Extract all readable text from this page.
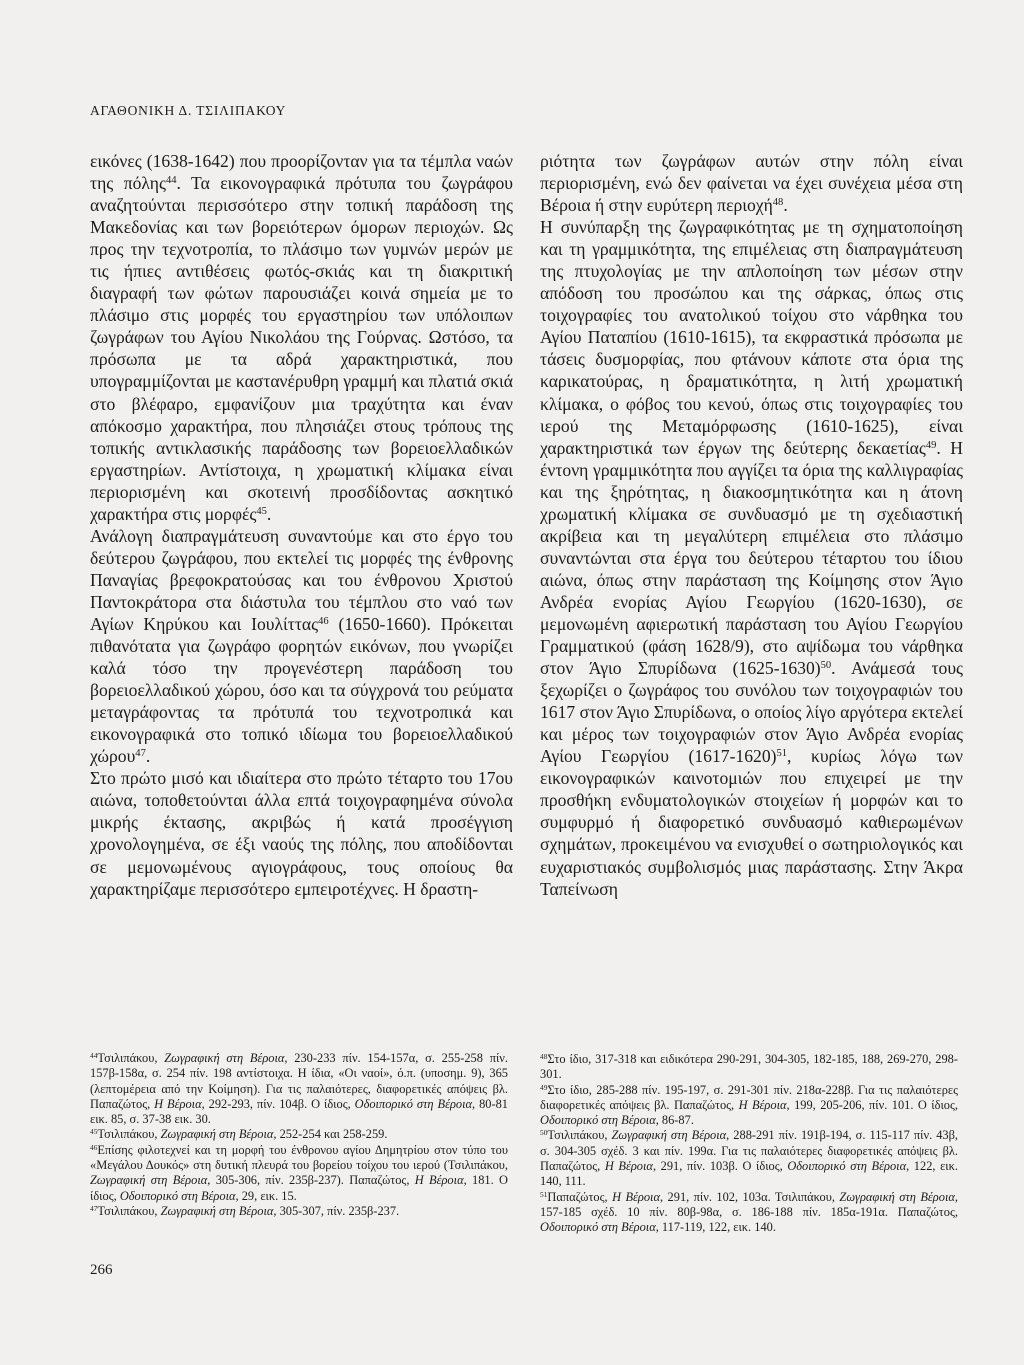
ΑΓΑΘΟΝΙΚΗ Δ. ΤΣΙΛΙΠΑΚΟΥ

εικόνες (1638-1642) που προορίζονταν για τα τέμπλα ναών της πόλης$^{44}$. Τα εικονογραφικά πρότυπα του ζωγράφου αναζητούνται περισσότερο στην τοπική παράδοση της Μακεδονίας και των βορειότερων όμορων περιοχών. Ως προς την τεχνοτροπία, το πλάσιμο των γυμνών μερών με τις ήπιες αντιθέσεις φωτός-σκιάς και τη διακριτική διαγραφή των φώτων παρουσιάζει κοινά σημεία με το πλάσιμο στις μορφές του εργαστηρίου των υπόλοιπων ζωγράφων του Αγίου Νικολάου της Γούρνας. Ωστόσο, τα πρόσωπα με τα αδρά χαρακτηριστικά, που υπογραμμίζονται με καστανέρυθρη γραμμή και πλατιά σκιά στο βλέφαρο, εμφανίζουν μια τραχύτητα και έναν απόκοσμο χαρακτήρα, που πλησιάζει στους τρόπους της τοπικής αντικλασικής παράδοσης των βορειοελλαδικών εργαστηρίων. Αντίστοιχα, η χρωματική κλίμακα είναι περιορισμένη και σκοτεινή προσδίδοντας ασκητικό χαρακτήρα στις μορφές$^{45}$.

Ανάλογη διαπραγμάτευση συναντούμε και στο έργο του δεύτερου ζωγράφου, που εκτελεί τις μορφές της ένθρονης Παναγίας βρεφοκρατούσας και του ένθρονου Χριστού Παντοκράτορα στα διάστυλα του τέμπλου στο ναό των Αγίων Κηρύκου και Ιουλίττας$^{46}$ (1650-1660). Πρόκειται πιθανότατα για ζωγράφο φορητών εικόνων, που γνωρίζει καλά τόσο την προγενέστερη παράδοση του βορειοελλαδικού χώρου, όσο και τα σύγχρονά του ρεύματα μεταγράφοντας τα πρότυπά του τεχνοτροπικά και εικονογραφικά στο τοπικό ιδίωμα του βορειοελλαδικού χώρου$^{47}$.

Στο πρώτο μισό και ιδιαίτερα στο πρώτο τέταρτο του 17ου αιώνα, τοποθετούνται άλλα επτά τοιχογραφημένα σύνολα μικρής έκτασης, ακριβώς ή κατά προσέγγιση χρονολογημένα, σε έξι ναούς της πόλης, που αποδίδονται σε μεμονωμένους αγιογράφους, τους οποίους θα χαρακτηρίζαμε περισσότερο εμπειροτέχνες. Η δραστη-

ριότητα των ζωγράφων αυτών στην πόλη είναι περιορισμένη, ενώ δεν φαίνεται να έχει συνέχεια μέσα στη Βέροια ή στην ευρύτερη περιοχή$^{48}$.

Η συνύπαρξη της ζωγραφικότητας με τη σχηματοποίηση και τη γραμμικότητα, της επιμέλειας στη διαπραγμάτευση της πτυχολογίας με την απλοποίηση των μέσων στην απόδοση του προσώπου και της σάρκας, όπως στις τοιχογραφίες του ανατολικού τοίχου στο νάρθηκα του Αγίου Παταπίου (1610-1615), τα εκφραστικά πρόσωπα με τάσεις δυσμορφίας, που φτάνουν κάποτε στα όρια της καρικατούρας, η δραματικότητα, η λιτή χρωματική κλίμακα, ο φόβος του κενού, όπως στις τοιχογραφίες του ιερού της Μεταμόρφωσης (1610-1625), είναι χαρακτηριστικά των έργων της δεύτερης δεκαετίας$^{49}$. Η έντονη γραμμικότητα που αγγίζει τα όρια της καλλιγραφίας και της ξηρότητας, η διακοσμητικότητα και η άτονη χρωματική κλίμακα σε συνδυασμό με τη σχεδιαστική ακρίβεια και τη μεγαλύτερη επιμέλεια στο πλάσιμο συναντώνται στα έργα του δεύτερου τέταρτου του ίδιου αιώνα, όπως στην παράσταση της Κοίμησης στον Άγιο Ανδρέα ενορίας Αγίου Γεωργίου (1620-1630), σε μεμονωμένη αφιερωτική παράσταση του Αγίου Γεωργίου Γραμματικού (φάση 1628/9), στο αψίδωμα του νάρθηκα στον Άγιο Σπυρίδωνα (1625-1630)$^{50}$. Ανάμεσά τους ξεχωρίζει ο ζωγράφος του συνόλου των τοιχογραφιών του 1617 στον Άγιο Σπυρίδωνα, ο οποίος λίγο αργότερα εκτελεί και μέρος των τοιχογραφιών στον Άγιο Ανδρέα ενορίας Αγίου Γεωργίου (1617-1620)$^{51}$, κυρίως λόγω των εικονογραφικών καινοτομιών που επιχειρεί με την προσθήκη ενδυματολογικών στοιχείων ή μορφών και το συμφυρμό ή διαφορετικό συνδυασμό καθιερωμένων σχημάτων, προκειμένου να ενισχυθεί ο σωτηριολογικός και ευχαριστιακός συμβολισμός μιας παράστασης. Στην Άκρα Ταπείνωση

$^{44}$Τσιλιπάκου, Ζωγραφική στη Βέροια, 230-233 πίν. 154-157α, σ. 255-258 πίν. 157β-158α, σ. 254 πίν. 198 αντίστοιχα. Η ίδια, «Οι ναοί», ό.π. (υποσημ. 9), 365 (λεπτομέρεια από την Κοίμηση). Για τις παλαιότερες, διαφορετικές απόψεις βλ. Παπαζώτος, Η Βέροια, 292-293, πίν. 104β. Ο ίδιος, Οδοιπορικό στη Βέροια, 80-81 εικ. 85, σ. 37-38 εικ. 30.

$^{45}$Τσιλιπάκου, Ζωγραφική στη Βέροια, 252-254 και 258-259.

$^{46}$Επίσης φιλοτεχνεί και τη μορφή του ένθρονου αγίου Δημητρίου στον τύπο του «Μεγάλου Δουκός» στη δυτική πλευρά του βορείου τοίχου του ιερού (Τσιλιπάκου, Ζωγραφική στη Βέροια, 305-306, πίν. 235β-237). Παπαζώτος, Η Βέροια, 181. Ο ίδιος, Οδοιπορικό στη Βέροια, 29, εικ. 15.

$^{47}$Τσιλιπάκου, Ζωγραφική στη Βέροια, 305-307, πίν. 235β-237.

$^{48}$Στο ίδιο, 317-318 και ειδικότερα 290-291, 304-305, 182-185, 188, 269-270, 298-301.

$^{49}$Στο ίδιο, 285-288 πίν. 195-197, σ. 291-301 πίν. 218α-228β. Για τις παλαιότερες διαφορετικές απόψεις βλ. Παπαζώτος, Η Βέροια, 199, 205-206, πίν. 101. Ο ίδιος, Οδοιπορικό στη Βέροια, 86-87.

$^{50}$Τσιλιπάκου, Ζωγραφική στη Βέροια, 288-291 πίν. 191β-194, σ. 115-117 πίν. 43β, σ. 304-305 σχέδ. 3 και πίν. 199α. Για τις παλαιότερες διαφορετικές απόψεις βλ. Παπαζώτος, Η Βέροια, 291, πίν. 103β. Ο ίδιος, Οδοιπορικό στη Βέροια, 122, εικ. 140, 111.

$^{51}$Παπαζώτος, Η Βέροια, 291, πίν. 102, 103α. Τσιλιπάκου, Ζωγραφική στη Βέροια, 157-185 σχέδ. 10 πίν. 80β-98α, σ. 186-188 πίν. 185α-191α. Παπαζώτος, Οδοιπορικό στη Βέροια, 117-119, 122, εικ. 140.

266
